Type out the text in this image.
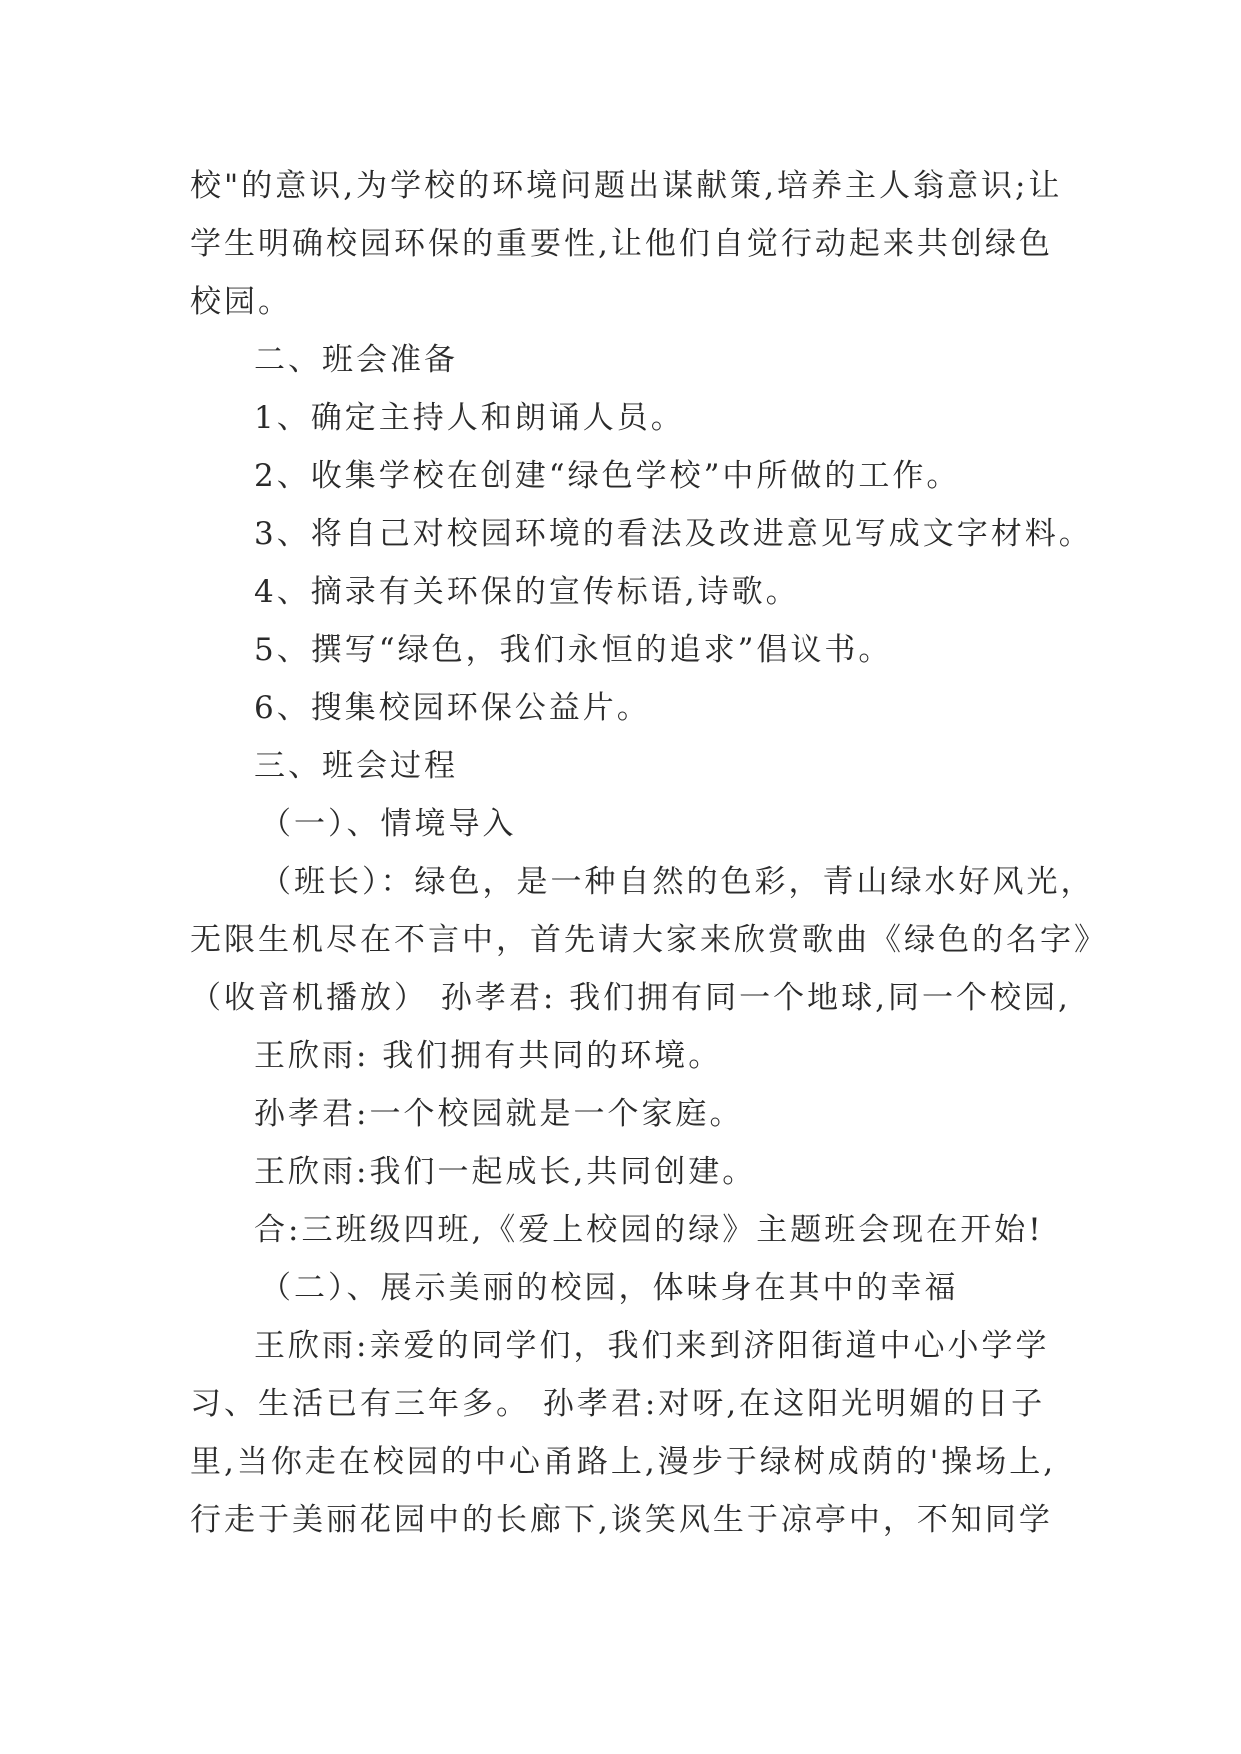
校"的意识,为学校的环境问题出谋献策,培养主人翁意识;让
学生明确校园环保的重要性,让他们自觉行动起来共创绿色
校园。
二、班会准备
1、确定主持人和朗诵人员。
2、收集学校在创建“绿色学校”中所做的工作。
3、将自己对校园环境的看法及改进意见写成文字材料。
4、摘录有关环保的宣传标语,诗歌。
5、撰写“绿色，我们永恒的追求”倡议书。
6、搜集校园环保公益片。
三、班会过程
（一）、情境导入
（班长）：绿色，是一种自然的色彩，青山绿水好风光，
无限生机尽在不言中，首先请大家来欣赏歌曲《绿色的名字》
（收音机播放） 孙孝君: 我们拥有同一个地球,同一个校园,
王欣雨: 我们拥有共同的环境。
孙孝君:一个校园就是一个家庭。
王欣雨:我们一起成长,共同创建。
合:三班级四班,《爱上校园的绿》主题班会现在开始!
（二）、展示美丽的校园，体味身在其中的幸福
王欣雨:亲爱的同学们，我们来到济阳街道中心小学学
习、生活已有三年多。 孙孝君:对呀,在这阳光明媚的日子
里,当你走在校园的中心甬路上,漫步于绿树成荫的'操场上,
行走于美丽花园中的长廊下,谈笑风生于凉亭中，不知同学
